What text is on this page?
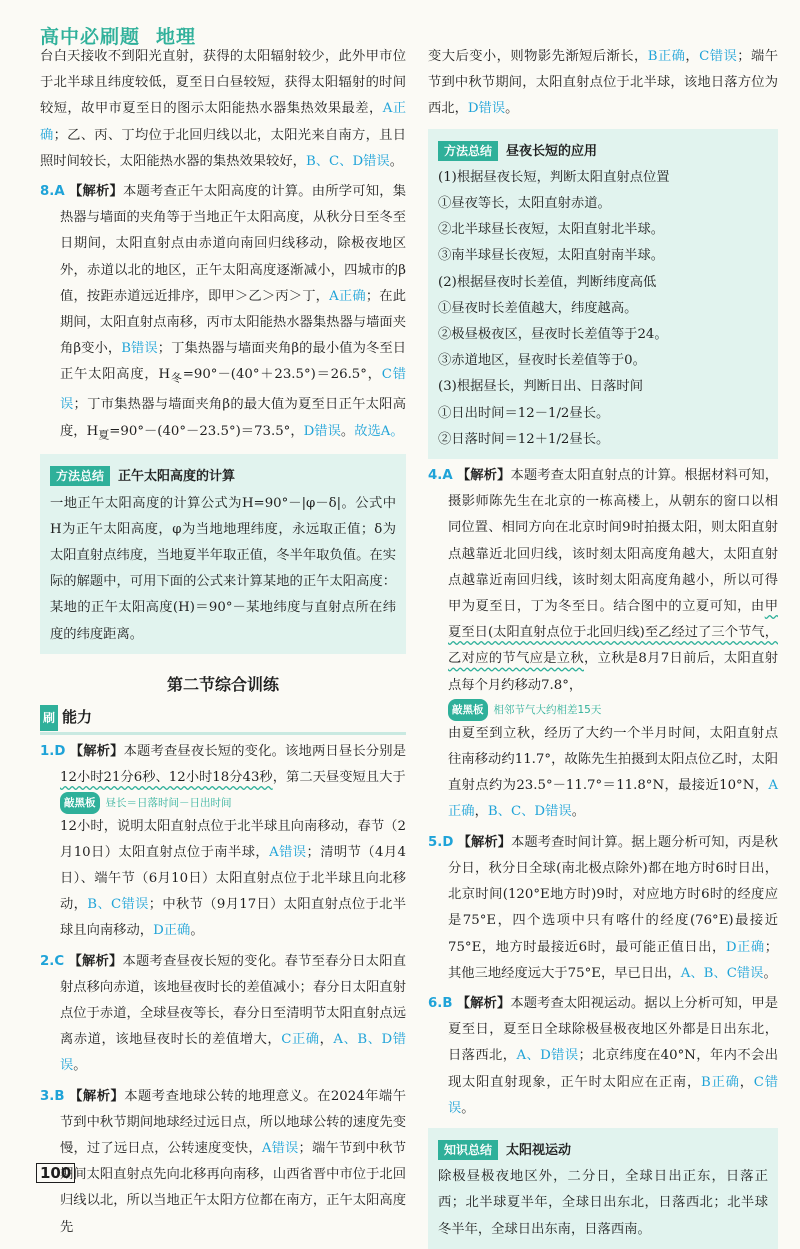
高中必刷题 地理

台白天接收不到阳光直射，获得的太阳辐射较少，此外甲市位于北半球且纬度较低，夏至日白昼较短，获得太阳辐射的时间较短，故甲市夏至日的图示太阳能热水器集热效果最差，A正确；乙、丙、丁均位于北回归线以北，太阳光来自南方，且日照时间较长，太阳能热水器的集热效果较好，B、C、D错误。

8.A 【解析】本题考查正午太阳高度的计算。由所学可知，集热器与墙面的夹角等于当地正午太阳高度，从秋分日至冬至日期间，太阳直射点由赤道向南回归线移动，除极夜地区外，赤道以北的地区，正午太阳高度逐渐减小，四城市的β值，按距赤道远近排序，即甲＞乙＞丙＞丁，A正确；在此期间，太阳直射点南移，丙市太阳能热水器集热器与墙面夹角β变小，B错误；丁集热器与墙面夹角β的最小值为冬至日正午太阳高度，$H_冬=90^\circ-(40^\circ+23.5^\circ)=26.5^\circ$，C错误；丁市集热器与墙面夹角β的最大值为夏至日正午太阳高度，$H_夏=90^\circ-(40^\circ-23.5^\circ)=73.5^\circ$，D错误。故选A。

方法总结 正午太阳高度的计算

一地正午太阳高度的计算公式为H=90°－|φ－δ|。公式中H为正午太阳高度，φ为当地地理纬度，永远取正值；δ为太阳直射点纬度，当地夏半年取正值，冬半年取负值。在实际的解题中，可用下面的公式来计算某地的正午太阳高度：某地的正午太阳高度(H)＝90°－某地纬度与直射点所在纬度的纬度距离。

第二节综合训练
刷 能力

1.D 【解析】本题考查昼夜长短的变化。该地两日昼长分别是12小时21分6秒、12小时18分43秒，第二天昼变短且大于

敲黑板 昼长＝日落时间－日出时间

12小时，说明太阳直射点位于北半球且向南移动，春节（2月10日）太阳直射点位于南半球，A错误；清明节（4月4日）、端午节（6月10日）太阳直射点位于北半球且向北移动，B、C错误；中秋节（9月17日）太阳直射点位于北半球且向南移动，D正确。

2.C 【解析】本题考查昼夜长短的变化。春节至春分日太阳直射点移向赤道，该地昼夜时长的差值减小；春分日太阳直射点位于赤道，全球昼夜等长，春分日至清明节太阳直射点远离赤道，该地昼夜时长的差值增大，C正确，A、B、D错误。

3.B 【解析】本题考查地球公转的地理意义。在2024年端午节到中秋节期间地球经过远日点，所以地球公转的速度先变慢，过了远日点，公转速度变快，A错误；端午节到中秋节期间太阳直射点先向北移再向南移，山西省晋中市位于北回归线以北，所以当地正午太阳方位都在南方，正午太阳高度先

变大后变小，则物影先渐短后渐长，B正确，C错误；端午节到中秋节期间，太阳直射点位于北半球，该地日落方位为西北，D错误。

方法总结 昼夜长短的应用

(1)根据昼夜长短，判断太阳直射点位置

①昼夜等长，太阳直射赤道。

②北半球昼长夜短，太阳直射北半球。

③南半球昼长夜短，太阳直射南半球。

(2)根据昼夜时长差值，判断纬度高低

①昼夜时长差值越大，纬度越高。

②极昼极夜区，昼夜时长差值等于24。

③赤道地区，昼夜时长差值等于0。

(3)根据昼长，判断日出、日落时间

①日出时间＝12－1/2昼长。

②日落时间＝12＋1/2昼长。

4.A 【解析】本题考查太阳直射点的计算。根据材料可知，摄影师陈先生在北京的一栋高楼上，从朝东的窗口以相同位置、相同方向在北京时间9时拍摄太阳，则太阳直射点越靠近北回归线，该时刻太阳高度角越大，太阳直射点越靠近南回归线，该时刻太阳高度角越小，所以可得甲为夏至日，丁为冬至日。结合图中的立夏可知，由甲夏至日(太阳直射点位于北回归线)至乙经过了三个节气，乙对应的节气应是立秋，立秋是8月7日前后，太阳直射点每个月约移动7.8°，

敲黑板 相邻节气大约相差15天

由夏至到立秋，经历了大约一个半月时间，太阳直射点往南移动约11.7°，故陈先生拍摄到太阳点位乙时，太阳直射点约为23.5°－11.7°＝11.8°N，最接近10°N，A正确，B、C、D错误。

5.D 【解析】本题考查时间计算。据上题分析可知，丙是秋分日，秋分日全球(南北极点除外)都在地方时6时日出，北京时间(120°E地方时)9时，对应地方时6时的经度应是75°E，四个选项中只有喀什的经度(76°E)最接近75°E，地方时最接近6时，最可能正值日出，D正确；其他三地经度远大于75°E，早已日出，A、B、C错误。

6.B 【解析】本题考查太阳视运动。据以上分析可知，甲是夏至日，夏至日全球除极昼极夜地区外都是日出东北，日落西北，A、D错误；北京纬度在40°N，年内不会出现太阳直射现象，正午时太阳应在正南，B正确，C错误。

知识总结 太阳视运动

除极昼极夜地区外，二分日，全球日出正东，日落正西；北半球夏半年，全球日出东北，日落西北；北半球冬半年，全球日出东南，日落西南。

100
